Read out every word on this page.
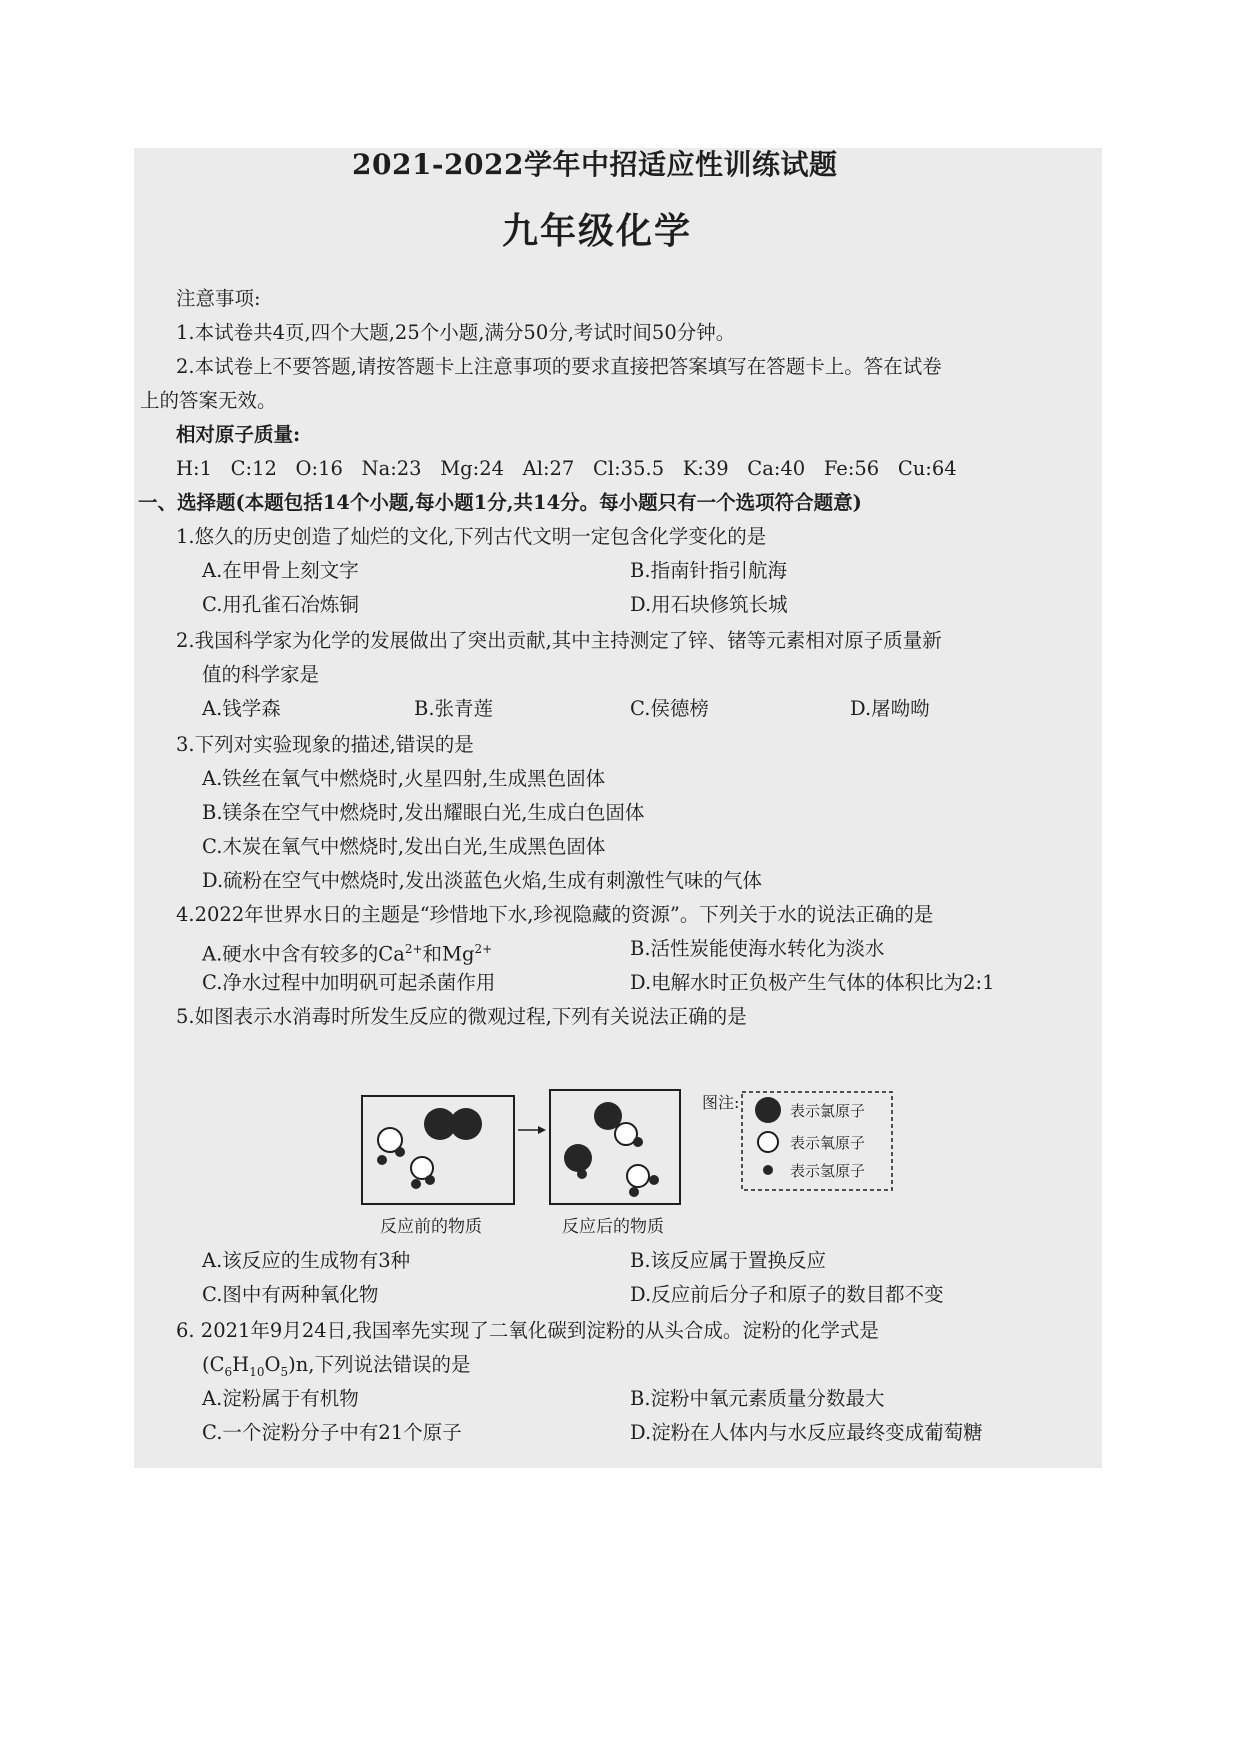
2021-2022学年中招适应性训练试题
九年级化学
注意事项:
1.本试卷共4页,四个大题,25个小题,满分50分,考试时间50分钟。
2.本试卷上不要答题,请按答题卡上注意事项的要求直接把答案填写在答题卡上。答在试卷
上的答案无效。
相对原子质量:
H:1 C:12 O:16 Na:23 Mg:24 Al:27 Cl:35.5 K:39 Ca:40 Fe:56 Cu:64
一、选择题(本题包括14个小题,每小题1分,共14分。每小题只有一个选项符合题意)
1.悠久的历史创造了灿烂的文化,下列古代文明一定包含化学变化的是
A.在甲骨上刻文字	B.指南针指引航海
C.用孔雀石冶炼铜	D.用石块修筑长城
2.我国科学家为化学的发展做出了突出贡献,其中主持测定了锌、锗等元素相对原子质量新
值的科学家是
A.钱学森	B.张青莲	C.侯德榜	D.屠呦呦
3.下列对实验现象的描述,错误的是
A.铁丝在氧气中燃烧时,火星四射,生成黑色固体
B.镁条在空气中燃烧时,发出耀眼白光,生成白色固体
C.木炭在氧气中燃烧时,发出白光,生成黑色固体
D.硫粉在空气中燃烧时,发出淡蓝色火焰,生成有刺激性气味的气体
4.2022年世界水日的主题是“珍惜地下水,珍视隐藏的资源”。下列关于水的说法正确的是
A.硬水中含有较多的$Ca^{2+}$和$Mg^{2+}$	B.活性炭能使海水转化为淡水
C.净水过程中加明矾可起杀菌作用	D.电解水时正负极产生气体的体积比为2:1
5.如图表示水消毒时所发生反应的微观过程,下列有关说法正确的是
图注:	表示氯原子
表示氧原子
表示氢原子
反应前的物质	反应后的物质
A.该反应的生成物有3种	B.该反应属于置换反应
C.图中有两种氧化物	D.反应前后分子和原子的数目都不变
6. 2021年9月24日,我国率先实现了二氧化碳到淀粉的从头合成。淀粉的化学式是
$(C_6H_{10}O_5)n$,下列说法错误的是
A.淀粉属于有机物	B.淀粉中氧元素质量分数最大
C.一个淀粉分子中有21个原子	D.淀粉在人体内与水反应最终变成葡萄糖
